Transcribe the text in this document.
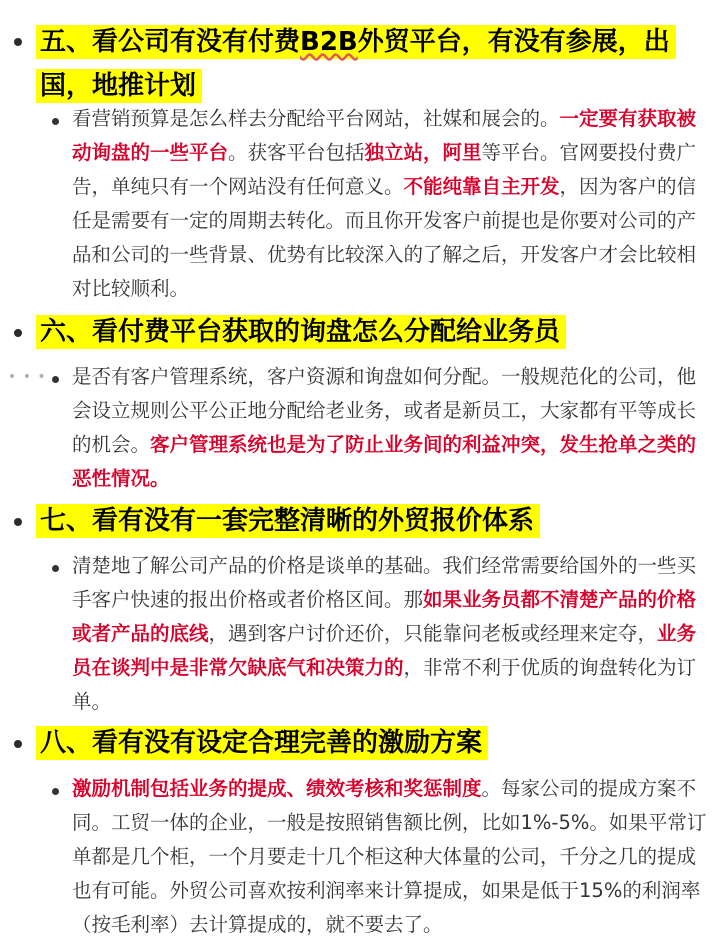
五、看公司有没有付费B2B外贸平台，有没有参展，出
国，地推计划
看营销预算是怎么样去分配给平台网站，社媒和展会的。一定要有获取被动询盘的一些平台。获客平台包括独立站，阿里等平台。官网要投付费广告，单纯只有一个网站没有任何意义。不能纯靠自主开发，因为客户的信任是需要有一定的周期去转化。而且你开发客户前提也是你要对公司的产品和公司的一些背景、优势有比较深入的了解之后，开发客户才会比较相对比较顺利。
六、看付费平台获取的询盘怎么分配给业务员
• • • 是否有客户管理系统，客户资源和询盘如何分配。一般规范化的公司，他会设立规则公平公正地分配给老业务，或者是新员工，大家都有平等成长的机会。客户管理系统也是为了防止业务间的利益冲突，发生抢单之类的恶性情况。
七、看有没有一套完整清晰的外贸报价体系
清楚地了解公司产品的价格是谈单的基础。我们经常需要给国外的一些买手客户快速的报出价格或者价格区间。那如果业务员都不清楚产品的价格或者产品的底线，遇到客户讨价还价，只能靠问老板或经理来定夺，业务员在谈判中是非常欠缺底气和决策力的，非常不利于优质的询盘转化为订单。
八、看有没有设定合理完善的激励方案
激励机制包括业务的提成、绩效考核和奖惩制度。每家公司的提成方案不同。工贸一体的企业，一般是按照销售额比例，比如1%-5%。如果平常订单都是几个柜，一个月要走十几个柜这种大体量的公司，千分之几的提成也有可能。外贸公司喜欢按利润率来计算提成，如果是低于15%的利润率（按毛利率）去计算提成的，就不要去了。
